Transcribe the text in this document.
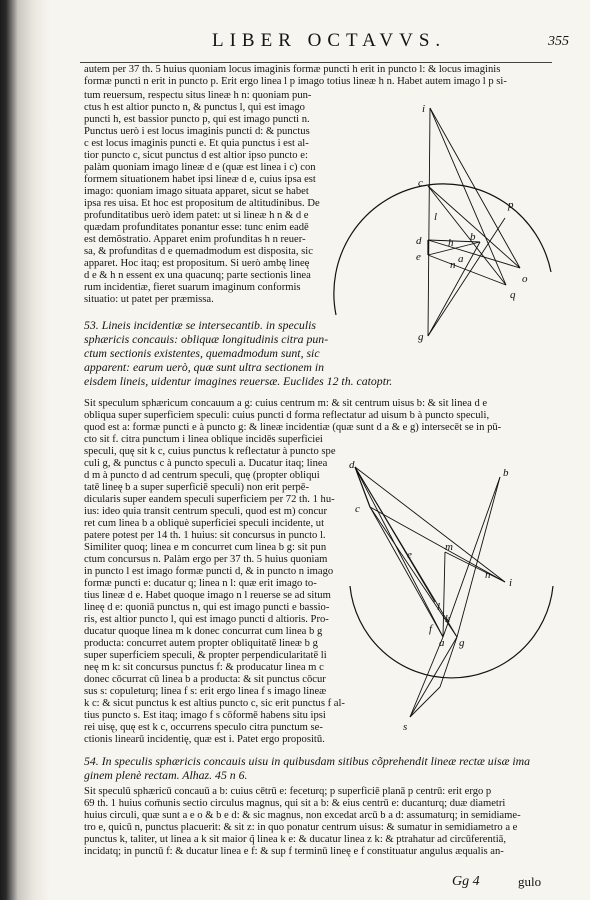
LIBER OCTAVVS.	355
autem per 37 th. 5 huius quoniam locus imaginis formæ puncti h erit in puncto l: & locus imaginis
formæ puncti n erit in puncto p. Erit ergo linea l p imago totius lineæ h n. Habet autem imago l p si-
tum reuersum, respectu situs lineæ h n: quoniam pun-
ctus h est altior puncto n, & punctus l, qui est imago
puncti h, est bassior puncto p, qui est imago puncti n.
Punctus uerò i est locus imaginis puncti d: & punctus
c est locus imaginis puncti e. Et quia punctus i est al-
tior puncto c, sicut punctus d est altior ipso puncto e:
palàm quoniam imago lineæ d e (quæ est linea i c) con
formem situationem habet ipsi lineæ d e, cuius ipsa est
imago: quoniam imago situata apparet, sicut se habet
ipsa res uisa. Et hoc est propositum de altitudinibus. De
profunditatibus uerò idem patet: ut si lineæ h n & d e
quædam profunditates ponantur esse: tunc enim eadē
est demõstratio. Apparet enim profunditas h n reuer-
sa, & profunditas d e quemadmodum est disposita, sic
apparet. Hoc itaq; est propositum. Si uerò ambę lineę
d e & h n essent ex una quacunq; parte sectionis linea
rum incidentiæ, fieret suarum imaginum conformis
situatio: ut patet per præmissa.
53. Lineis incidentiæ se intersecantib. in speculis
sphæricis concauis: obliquæ longitudinis citra pun-
ctum sectionis existentes, quemadmodum sunt, sic
apparent: earum uerò, quæ sunt ultra sectionem in
eisdem lineis, uidentur imagines reuersæ. Euclides 12 th. catoptr.
Sit speculum sphæricum concauum a g: cuius centrum m: & sit centrum uisus b: & sit linea d e
obliqua super superficiem speculi: cuius puncti d forma reflectatur ad uisum b à puncto speculi,
quod est a: formæ puncti e à puncto g: & lineæ incidentiæ (quæ sunt d a & e g) intersecēt se in pū-
cto sit f. citra punctum i linea oblique incidēs superficiei
speculi, quę sit k c, cuius punctus k reflectatur à puncto spe
culi g, & punctus c à puncto speculi a. Ducatur itaq; linea
d m à puncto d ad centrum speculi, quę (propter obliqui
tatē lineę b a super superficiē speculi) non erit perpē-
dicularis super eandem speculi superficiem per 72 th. 1 hu-
ius: ideo quia transit centrum speculi, quod est m) concur
ret cum linea b a obliquè superficiei speculi incidente, ut
patere potest per 14 th. 1 huius: sit concursus in puncto l.
Similiter quoq; linea e m concurret cum linea b g: sit pun
ctum concursus n. Palàm ergo per 37 th. 5 huius quoniam
in puncto l est imago formæ puncti d, & in puncto n imago
formæ puncti e: ducatur q; linea n l: quæ erit imago to-
tius lineæ d e. Habet quoque imago n l reuerse se ad situm
lineę d e: quoniā punctus n, qui est imago puncti e bassio-
ris, est altior puncto l, qui est imago puncti d altioris. Pro-
ducatur quoque linea m k donec concurrat cum linea b g
producta: concurret autem propter obliquitatē lineæ b g
super superficiem speculi, & propter perpendicularitatē li
neę m k: sit concursus punctus f: & producatur linea m c
donec cōcurrat cū linea b a producta: & sit punctus cōcur
sus s: copuleturq; linea f s: erit ergo linea f s imago lineæ
k c: & sicut punctus k est altius puncto c, sic erit punctus f al-
tius puncto s. Est itaq; imago f s cōformē habens situ ipsi
rei uisę, quę est k c, occurrens speculo citra punctum se-
ctionis linearū incidentię, quæ est i. Patet ergo propositū.
54. In speculis sphæricis concauis uisu in quibusdam sitibus cõprehendit lineæ rectæ uisæ ima
ginem plenè rectam. Alhaz. 45 n 6.
Sit speculū sphæricū concauū a b: cuius cētrū e: feceturq; p superficiē planā p centrū: erit ergo p
69 th. 1 huius com̄unis sectio circulus magnus, qui sit a b: & eius centrū e: ducanturq; duæ diametri
huius circuli, quæ sunt a e o & b e d: & sic magnus, non excedat arcū b a d: assumaturq; in semidiame-
tro e, quicū n, punctus placuerit: & sit z: in quo ponatur centrum uisus: & sumatur in semidiametro a e
punctus k, taliter, ut linea a k sit maior q̃ linea k e: & ducatur linea z k: & ptrahatur ad circūferentiā,
incidatq; in punctū f: & ducatur linea e f: & sup f terminū lineę e f constituatur angulus æqualis an-
Gg 4	gulo
i
c
p
l
d
e
h b
a
n
o
q
g
d
c
b
e
m
n
i
l
k
f
a g
s
